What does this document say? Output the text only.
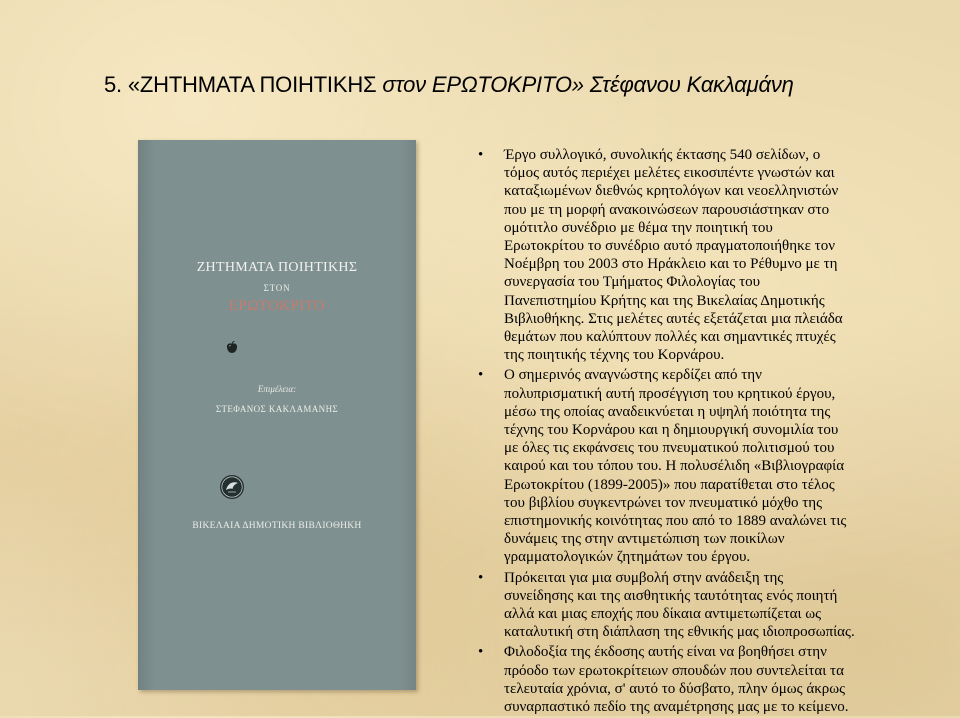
5. «ΖΗΤΗΜΑΤΑ ΠΟΙΗΤΙΚΗΣ στον ΕΡΩΤΟΚΡΙΤΟ» Στέφανου Κακλαμάνη
ΖΗΤΗΜΑΤΑ ΠΟΙΗΤΙΚΗΣ
ΣΤΟΝ
ΕΡΩΤΟΚΡΙΤΟ
Επιμέλεια:
ΣΤΕΦΑΝΟΣ ΚΑΚΛΑΜΑΝΗΣ
ΒΙΚΕΛΑΙΑ ΔΗΜΟΤΙΚΗ ΒΙΒΛΙΟΘΗΚΗ
• Έργο συλλογικό, συνολικής έκτασης 540 σελίδων, ο
τόμος αυτός περιέχει μελέτες εικοσιπέντε γνωστών και
καταξιωμένων διεθνώς κρητολόγων και νεοελληνιστών
που με τη μορφή ανακοινώσεων παρουσιάστηκαν στο
ομότιτλο συνέδριο με θέμα την ποιητική του
Ερωτοκρίτου το συνέδριο αυτό πραγματοποιήθηκε τον
Νοέμβρη του 2003 στο Ηράκλειο και το Ρέθυμνο με τη
συνεργασία του Τμήματος Φιλολογίας του
Πανεπιστημίου Κρήτης και της Βικελαίας Δημοτικής
Βιβλιοθήκης. Στις μελέτες αυτές εξετάζεται μια πλειάδα
θεμάτων που καλύπτουν πολλές και σημαντικές πτυχές
της ποιητικής τέχνης του Κορνάρου.
• Ο σημερινός αναγνώστης κερδίζει από την
πολυπρισματική αυτή προσέγγιση του κρητικού έργου,
μέσω της οποίας αναδεικνύεται η υψηλή ποιότητα της
τέχνης του Κορνάρου και η δημιουργική συνομιλία του
με όλες τις εκφάνσεις του πνευματικού πολιτισμού του
καιρού και του τόπου του. Η πολυσέλιδη «Βιβλιογραφία
Ερωτοκρίτου (1899-2005)» που παρατίθεται στο τέλος
του βιβλίου συγκεντρώνει τον πνευματικό μόχθο της
επιστημονικής κοινότητας που από το 1889 αναλώνει τις
δυνάμεις της στην αντιμετώπιση των ποικίλων
γραμματολογικών ζητημάτων του έργου.
• Πρόκειται για μια συμβολή στην ανάδειξη της
συνείδησης και της αισθητικής ταυτότητας ενός ποιητή
αλλά και μιας εποχής που δίκαια αντιμετωπίζεται ως
καταλυτική στη διάπλαση της εθνικής μας ιδιοπροσωπίας.
• Φιλοδοξία της έκδοσης αυτής είναι να βοηθήσει στην
πρόοδο των ερωτοκρίτειων σπουδών που συντελείται τα
τελευταία χρόνια, σ' αυτό το δύσβατο, πλην όμως άκρως
συναρπαστικό πεδίο της αναμέτρησης μας με το κείμενο.
